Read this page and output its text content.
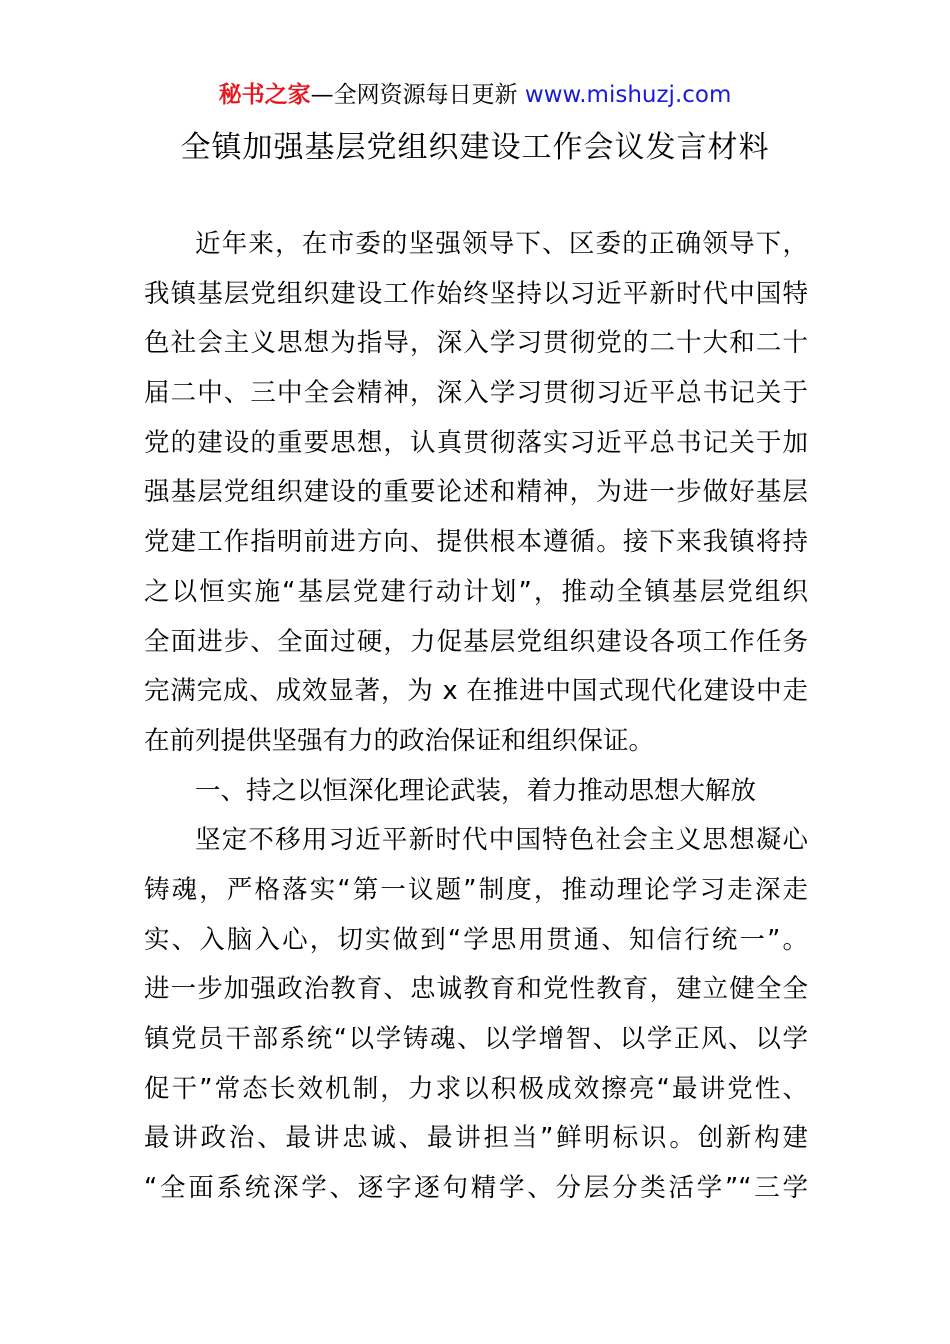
秘书之家—全网资源每日更新 www.mishuzj.com
全镇加强基层党组织建设工作会议发言材料
近年来，在市委的坚强领导下、区委的正确领导下，
我镇基层党组织建设工作始终坚持以习近平新时代中国特
色社会主义思想为指导，深入学习贯彻党的二十大和二十
届二中、三中全会精神，深入学习贯彻习近平总书记关于
党的建设的重要思想，认真贯彻落实习近平总书记关于加
强基层党组织建设的重要论述和精神，为进一步做好基层
党建工作指明前进方向、提供根本遵循。接下来我镇将持
之以恒实施“基层党建行动计划”，推动全镇基层党组织
全面进步、全面过硬，力促基层党组织建设各项工作任务
完满完成、成效显著，为 x 在推进中国式现代化建设中走
在前列提供坚强有力的政治保证和组织保证。
一、持之以恒深化理论武装，着力推动思想大解放
坚定不移用习近平新时代中国特色社会主义思想凝心
铸魂，严格落实“第一议题”制度，推动理论学习走深走
实、入脑入心，切实做到“学思用贯通、知信行统一”。
进一步加强政治教育、忠诚教育和党性教育，建立健全全
镇党员干部系统“以学铸魂、以学增智、以学正风、以学
促干”常态长效机制，力求以积极成效擦亮“最讲党性、
最讲政治、最讲忠诚、最讲担当”鲜明标识。创新构建
“全面系统深学、逐字逐句精学、分层分类活学”“三学
